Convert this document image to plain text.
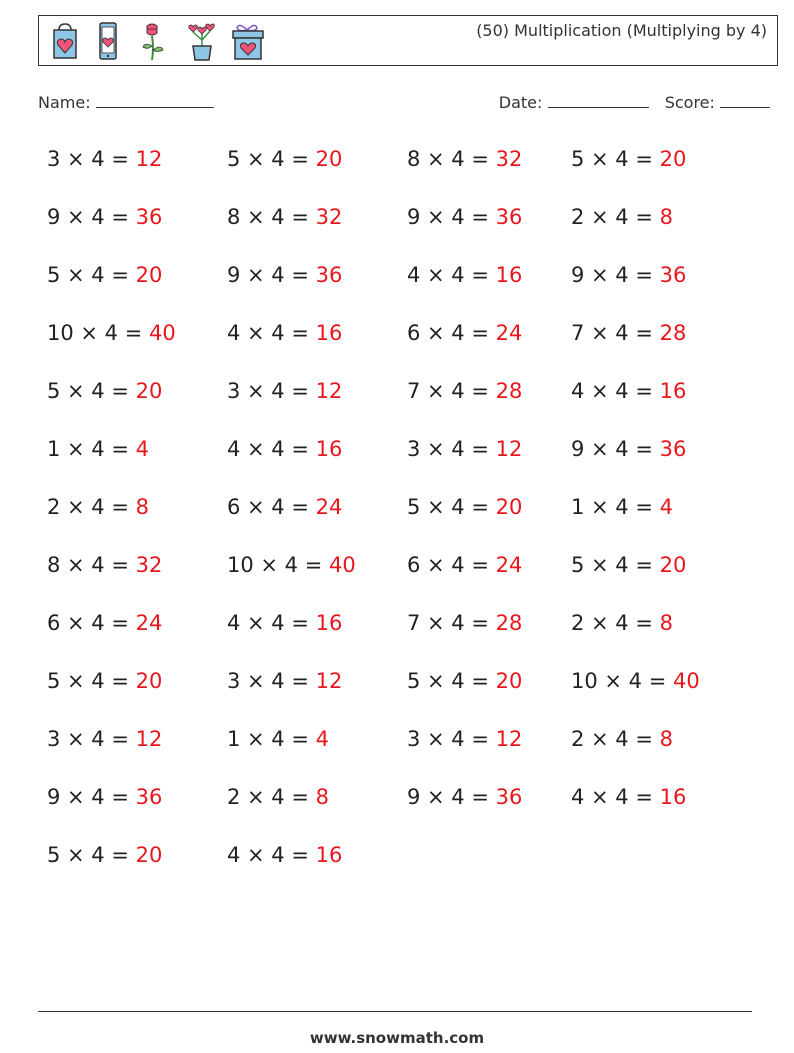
(50) Multiplication (Multiplying by 4)
Name:	Date:	Score:
3 × 4 = 12	5 × 4 = 20	8 × 4 = 32 5 × 4 = 20
9 × 4 = 36	8 × 4 = 32	9 × 4 = 36 2 × 4 = 8
5 × 4 = 20	9 × 4 = 36	4 × 4 = 16 9 × 4 = 36
10 × 4 = 40 4 × 4 = 16	6 × 4 = 24 7 × 4 = 28
5 × 4 = 20	3 × 4 = 12	7 × 4 = 28 4 × 4 = 16
1 × 4 = 4	4 × 4 = 16	3 × 4 = 12 9 × 4 = 36
2 × 4 = 8	6 × 4 = 24	5 × 4 = 20 1 × 4 = 4
8 × 4 = 32	10 × 4 = 40 6 × 4 = 24 5 × 4 = 20
6 × 4 = 24	4 × 4 = 16	7 × 4 = 28 2 × 4 = 8
5 × 4 = 20	3 × 4 = 12	5 × 4 = 20 10 × 4 = 40
3 × 4 = 12	1 × 4 = 4	3 × 4 = 12 2 × 4 = 8
9 × 4 = 36	2 × 4 = 8	9 × 4 = 36 4 × 4 = 16
5 × 4 = 20	4 × 4 = 16
www.snowmath.com
